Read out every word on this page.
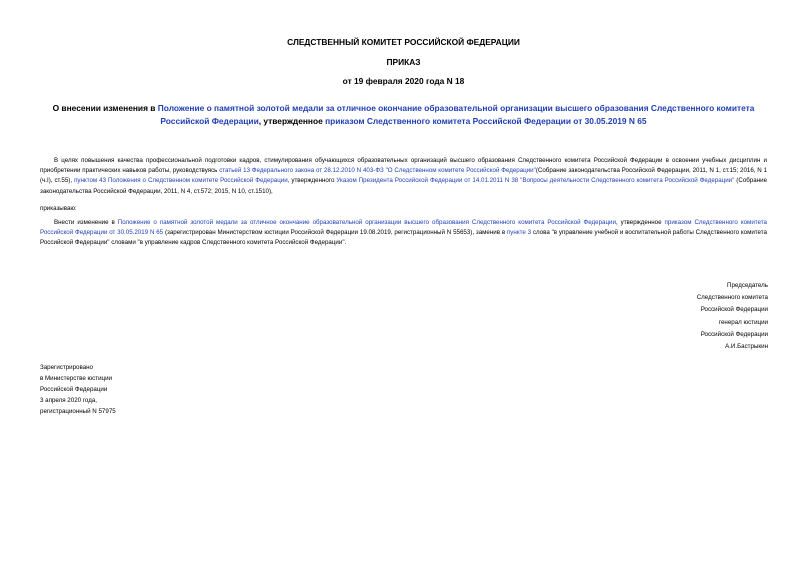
СЛЕДСТВЕННЫЙ КОМИТЕТ РОССИЙСКОЙ ФЕДЕРАЦИИ
ПРИКАЗ
от 19 февраля 2020 года N 18
О внесении изменения в Положение о памятной золотой медали за отличное окончание образовательной организации высшего образования Следственного комитета Российской Федерации, утвержденное приказом Следственного комитета Российской Федерации от 30.05.2019 N 65
В целях повышения качества профессиональной подготовки кадров, стимулирования обучающихся образовательных организаций высшего образования Следственного комитета Российской Федерации в освоении учебных дисциплин и приобретении практических навыков работы, руководствуясь статьей 13 Федерального закона от 28.12.2010 N 403-ФЗ "О Следственном комитете Российской Федерации"(Собрание законодательства Российской Федерации, 2011, N 1, ст.15; 2016, N 1 (ч.I), ст.55), пунктом 43 Положения о Следственном комитете Российской Федерации, утвержденного Указом Президента Российской Федерации от 14.01.2011 N 38 "Вопросы деятельности Следственного комитета Российской Федерации" (Собрание законодательства Российской Федерации, 2011, N 4, ст.572; 2015, N 10, ст.1510),
приказываю:
Внести изменение в Положение о памятной золотой медали за отличное окончание образовательной организации высшего образования Следственного комитета Российской Федерации, утвержденное приказом Следственного комитета Российской Федерации от 30.05.2019 N 65 (зарегистрирован Министерством юстиции Российской Федерации 19.08.2019, регистрационный N 55653), заменив в пункте 3 слова "в управление учебной и воспитательной работы Следственного комитета Российской Федерации" словами "в управление кадров Следственного комитета Российской Федерации".
Председатель
Следственного комитета
Российской Федерации
генерал юстиции
Российской Федерации
А.И.Бастрыкин
Зарегистрировано
в Министерстве юстиции
Российской Федерации
3 апреля 2020 года,
регистрационный N 57975
